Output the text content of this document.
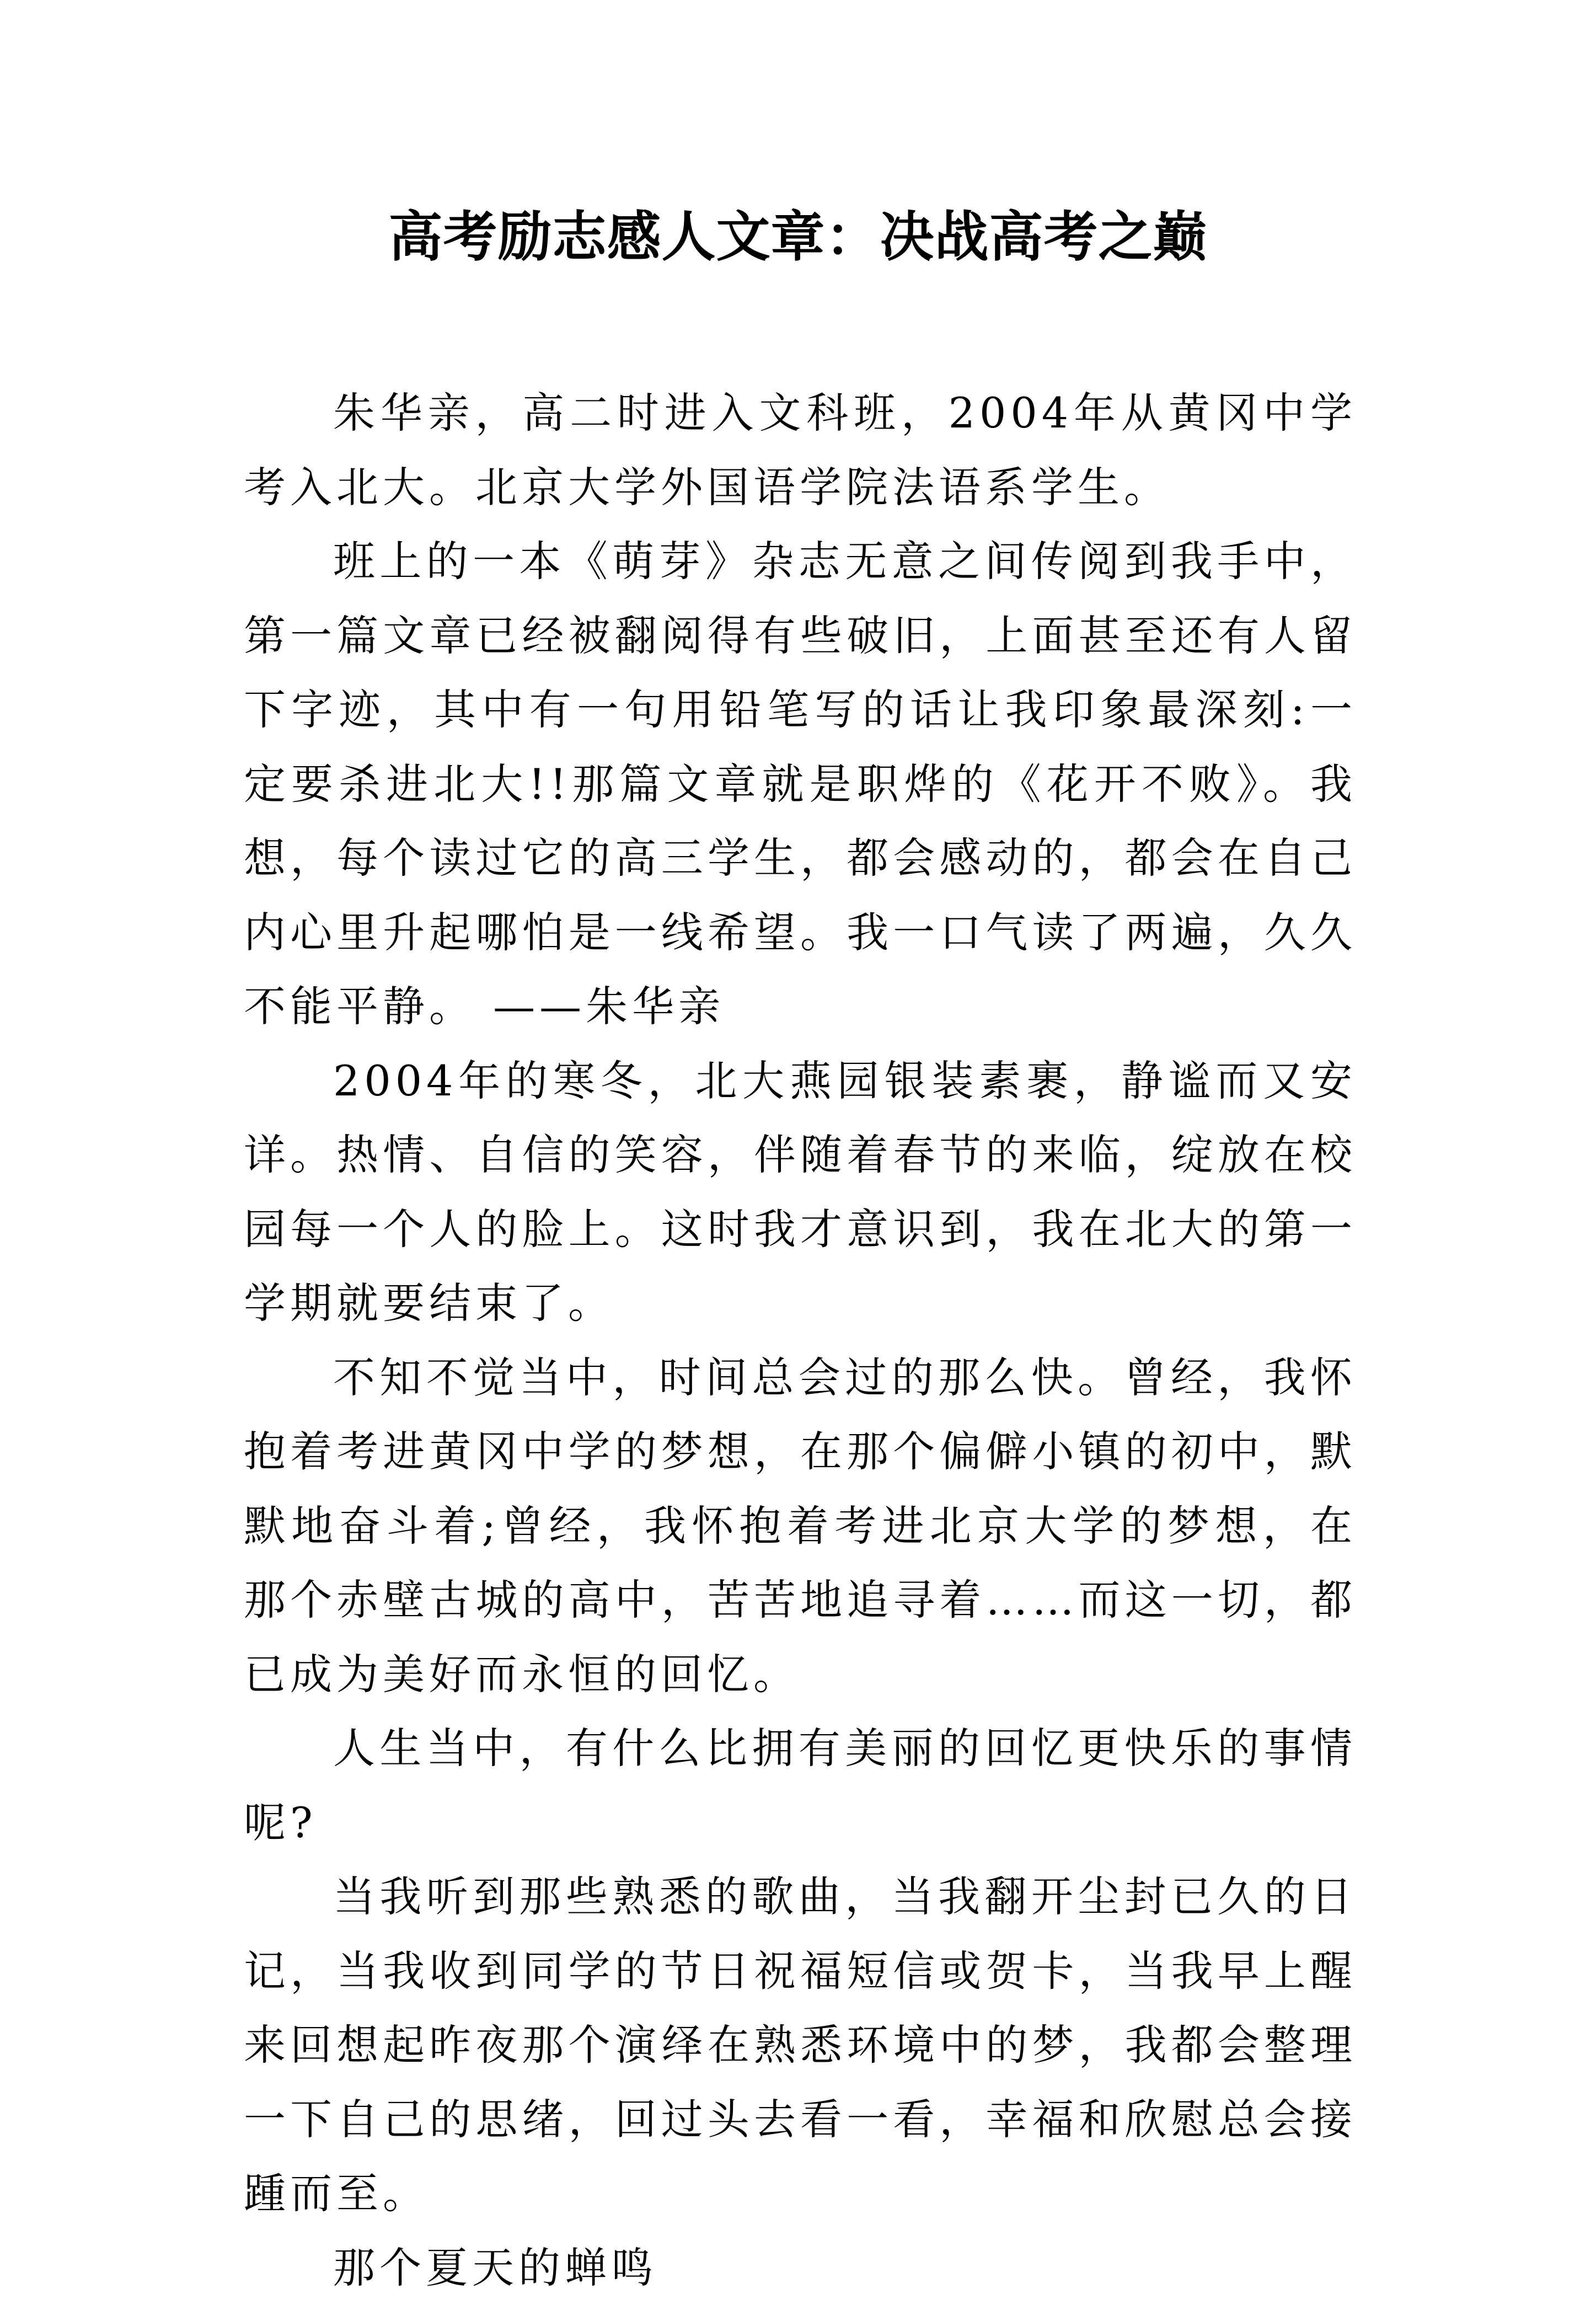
高考励志感人文章：决战高考之巅

朱华亲，高二时进入文科班，2004年从黄冈中学考入北大。北京大学外国语学院法语系学生。

班上的一本《萌芽》杂志无意之间传阅到我手中，第一篇文章已经被翻阅得有些破旧，上面甚至还有人留下字迹，其中有一句用铅笔写的话让我印象最深刻:一定要杀进北大!!那篇文章就是职烨的《花开不败》。我想，每个读过它的高三学生，都会感动的，都会在自己内心里升起哪怕是一线希望。我一口气读了两遍，久久不能平静。 ——朱华亲

2004年的寒冬，北大燕园银装素裹，静谧而又安详。热情、自信的笑容，伴随着春节的来临，绽放在校园每一个人的脸上。这时我才意识到，我在北大的第一学期就要结束了。

不知不觉当中，时间总会过的那么快。曾经，我怀抱着考进黄冈中学的梦想，在那个偏僻小镇的初中，默默地奋斗着;曾经，我怀抱着考进北京大学的梦想，在那个赤壁古城的高中，苦苦地追寻着……而这一切，都已成为美好而永恒的回忆。

人生当中，有什么比拥有美丽的回忆更快乐的事情呢?

当我听到那些熟悉的歌曲，当我翻开尘封已久的日记，当我收到同学的节日祝福短信或贺卡，当我早上醒来回想起昨夜那个演绎在熟悉环境中的梦，我都会整理一下自己的思绪，回过头去看一看，幸福和欣慰总会接踵而至。

那个夏天的蝉鸣
